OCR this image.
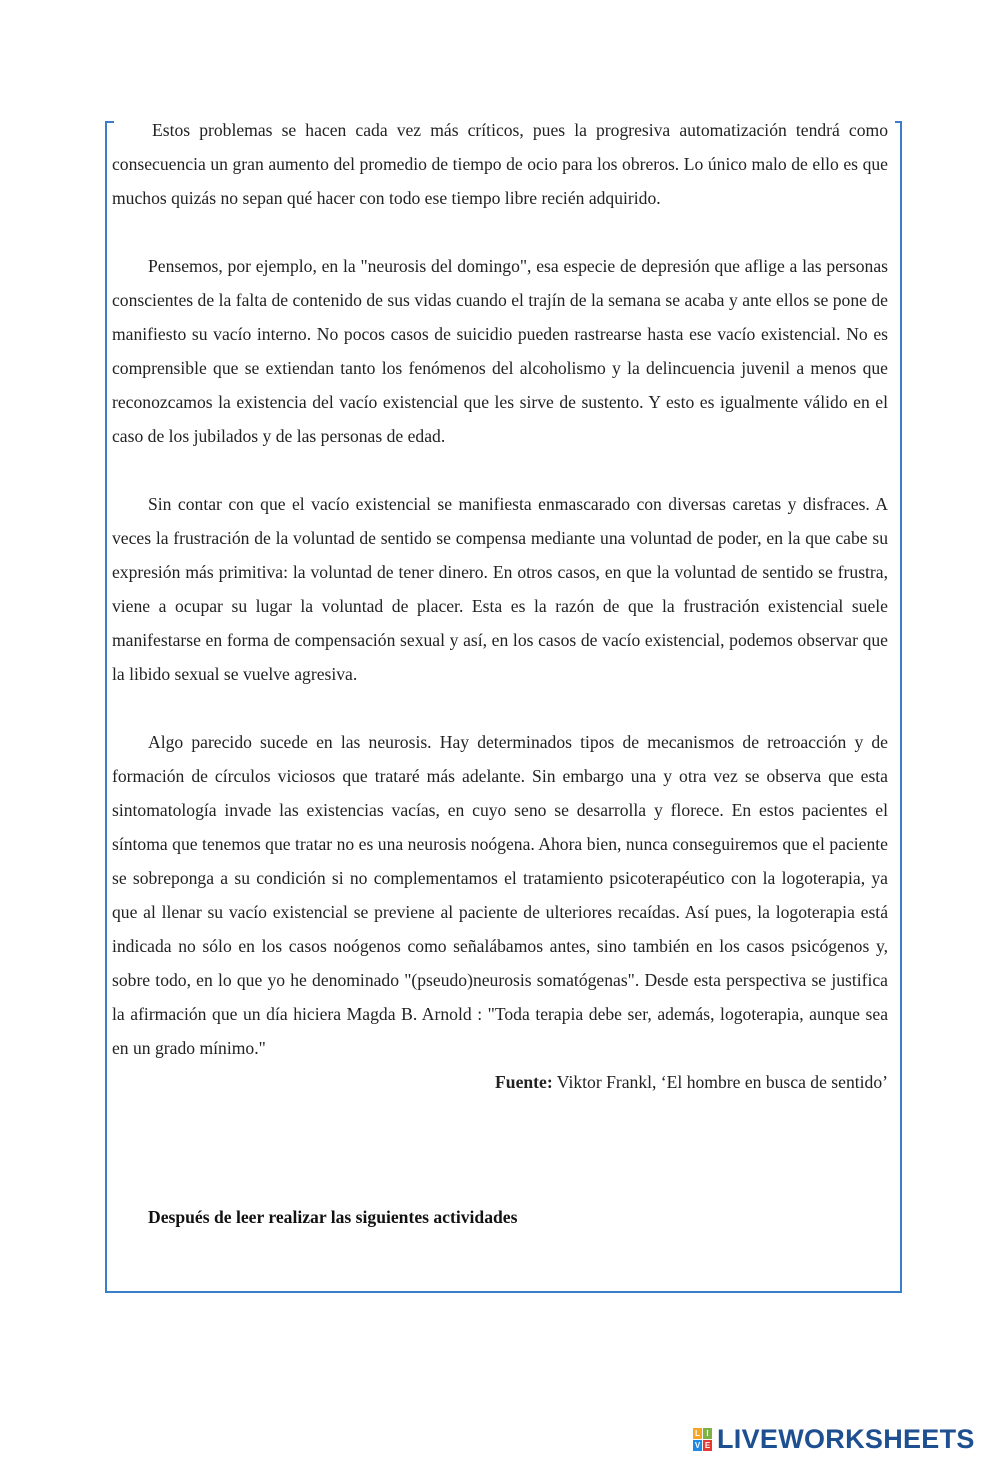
Estos problemas se hacen cada vez más críticos, pues la progresiva automatización tendrá como consecuencia un gran aumento del promedio de tiempo de ocio para los obreros. Lo único malo de ello es que muchos quizás no sepan qué hacer con todo ese tiempo libre recién adquirido.

Pensemos, por ejemplo, en la "neurosis del domingo", esa especie de depresión que aflige a las personas conscientes de la falta de contenido de sus vidas cuando el trajín de la semana se acaba y ante ellos se pone de manifiesto su vacío interno. No pocos casos de suicidio pueden rastrearse hasta ese vacío existencial. No es comprensible que se extiendan tanto los fenómenos del alcoholismo y la delincuencia juvenil a menos que reconozcamos la existencia del vacío existencial que les sirve de sustento. Y esto es igualmente válido en el caso de los jubilados y de las personas de edad.

Sin contar con que el vacío existencial se manifiesta enmascarado con diversas caretas y disfraces. A veces la frustración de la voluntad de sentido se compensa mediante una voluntad de poder, en la que cabe su expresión más primitiva: la voluntad de tener dinero. En otros casos, en que la voluntad de sentido se frustra, viene a ocupar su lugar la voluntad de placer. Esta es la razón de que la frustración existencial suele manifestarse en forma de compensación sexual y así, en los casos de vacío existencial, podemos observar que la libido sexual se vuelve agresiva.

Algo parecido sucede en las neurosis. Hay determinados tipos de mecanismos de retroacción y de formación de círculos viciosos que trataré más adelante. Sin embargo una y otra vez se observa que esta sintomatología invade las existencias vacías, en cuyo seno se desarrolla y florece. En estos pacientes el síntoma que tenemos que tratar no es una neurosis noógena. Ahora bien, nunca conseguiremos que el paciente se sobreponga a su condición si no complementamos el tratamiento psicoterapéutico con la logoterapia, ya que al llenar su vacío existencial se previene al paciente de ulteriores recaídas. Así pues, la logoterapia está indicada no sólo en los casos noógenos como señalábamos antes, sino también en los casos psicógenos y, sobre todo, en lo que yo he denominado "(pseudo)neurosis somatógenas". Desde esta perspectiva se justifica la afirmación que un día hiciera Magda B. Arnold : "Toda terapia debe ser, además, logoterapia, aunque sea en un grado mínimo."

Fuente: Viktor Frankl, ‘El hombre en busca de sentido’

Después de leer realizar las siguientes actividades
L I
V E LIVEWORKSHEETS
